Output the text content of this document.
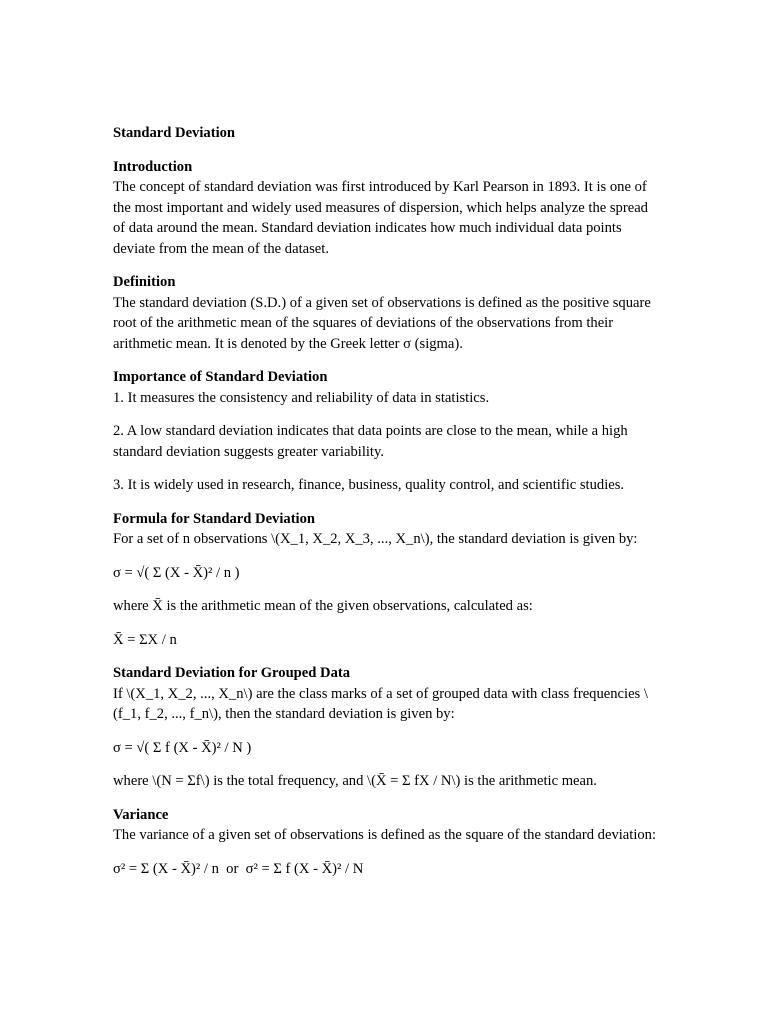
Standard Deviation

Introduction
The concept of standard deviation was first introduced by Karl Pearson in 1893. It is one of the most important and widely used measures of dispersion, which helps analyze the spread of data around the mean. Standard deviation indicates how much individual data points deviate from the mean of the dataset.
Definition
The standard deviation (S.D.) of a given set of observations is defined as the positive square root of the arithmetic mean of the squares of deviations of the observations from their arithmetic mean. It is denoted by the Greek letter σ (sigma).
Importance of Standard Deviation
1. It measures the consistency and reliability of data in statistics.

2. A low standard deviation indicates that data points are close to the mean, while a high standard deviation suggests greater variability.

3. It is widely used in research, finance, business, quality control, and scientific studies.

Formula for Standard Deviation
For a set of n observations \(X_1, X_2, X_3, ..., X_n\), the standard deviation is given by:

σ = √( Σ (X - X̄)² / n )

where X̄ is the arithmetic mean of the given observations, calculated as:

X̄ = ΣX / n

Standard Deviation for Grouped Data
If \(X_1, X_2, ..., X_n\) are the class marks of a set of grouped data with class frequencies \(f_1, f_2, ..., f_n\), then the standard deviation is given by:

σ = √( Σ f (X - X̄)² / N )

where \(N = Σf\) is the total frequency, and \(X̄ = Σ fX / N\) is the arithmetic mean.

Variance
The variance of a given set of observations is defined as the square of the standard deviation:

σ² = Σ (X - X̄)² / n  or  σ² = Σ f (X - X̄)² / N
